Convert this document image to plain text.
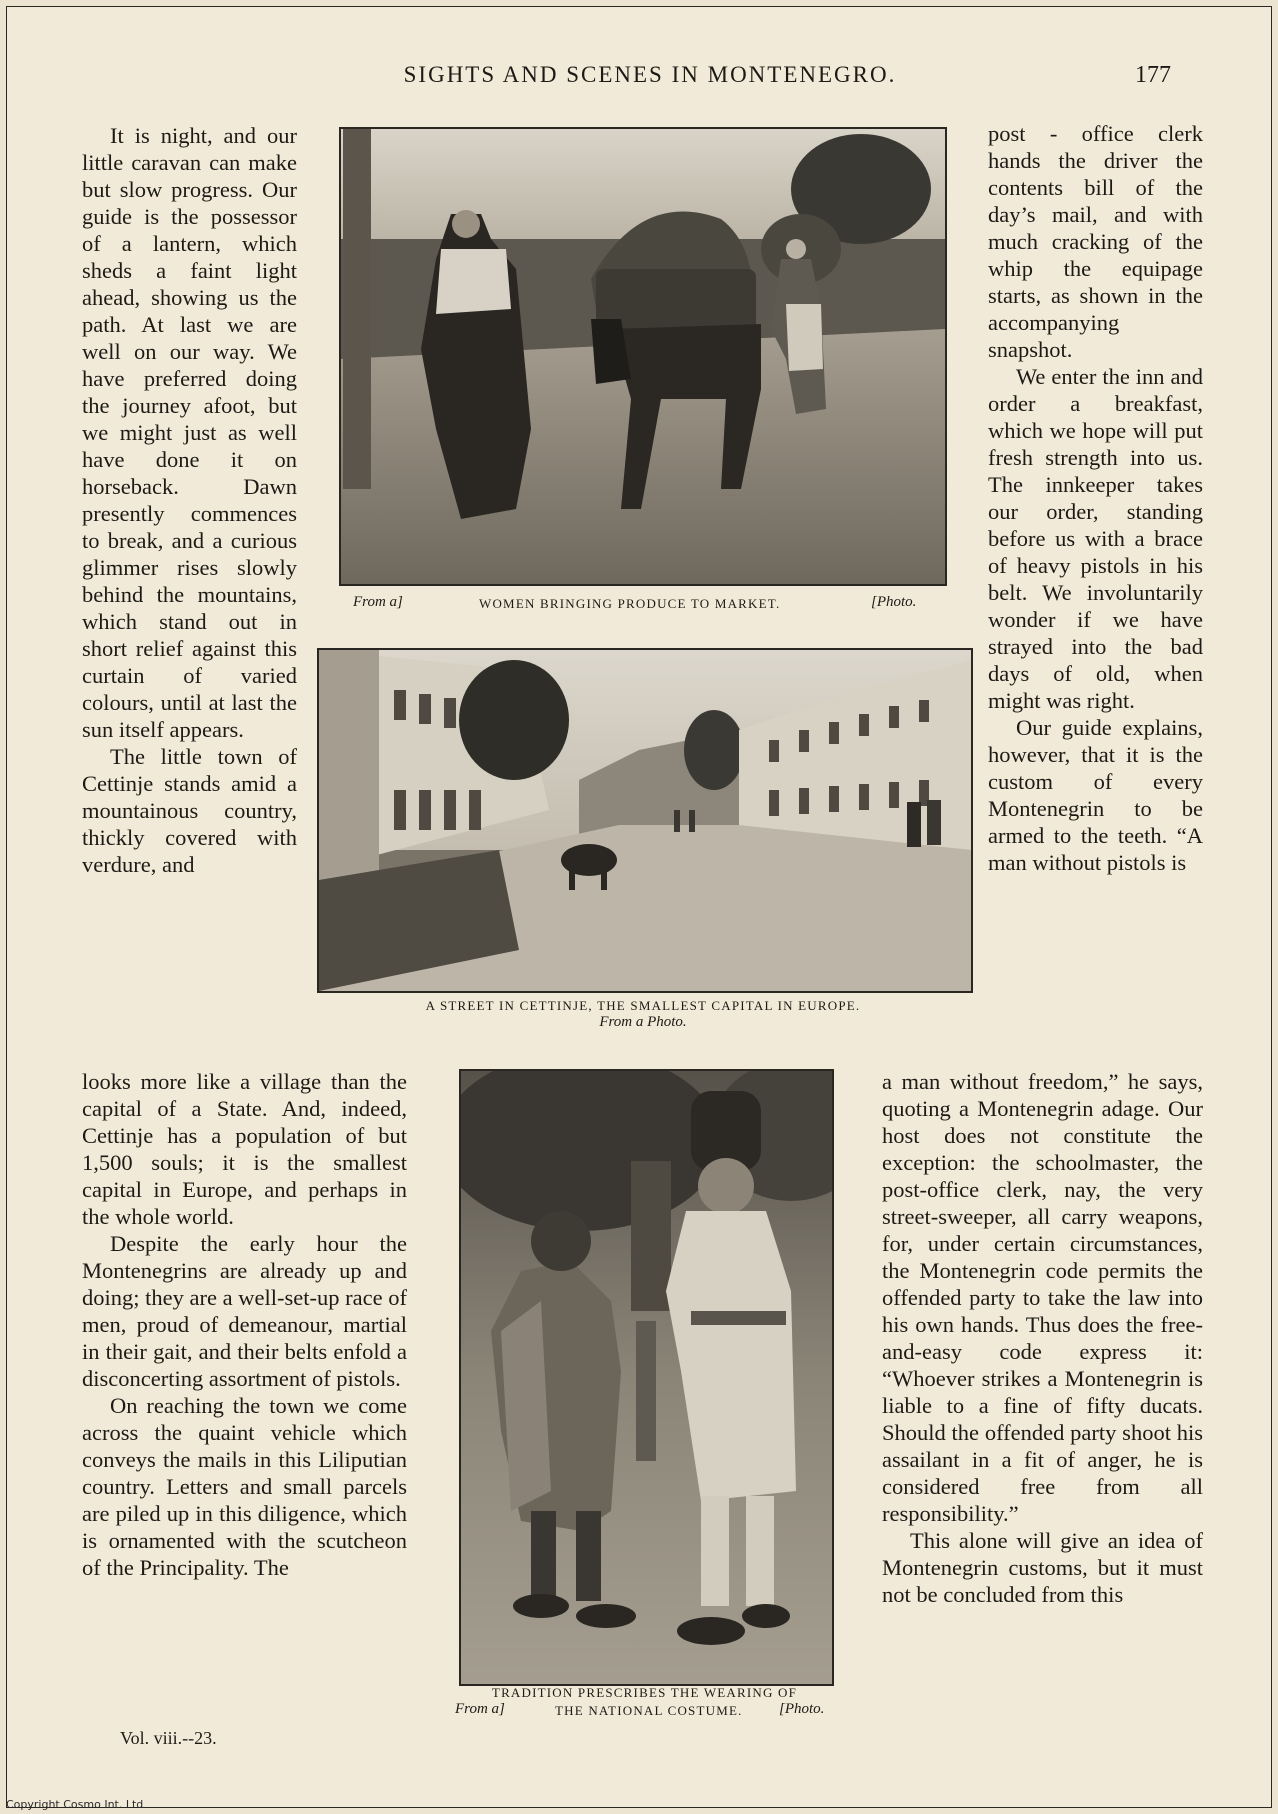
SIGHTS AND SCENES IN MONTENEGRO.	177

It is night, and our little caravan can make but slow progress. Our guide is the possessor of a lantern, which sheds a faint light ahead, showing us the path. At last we are well on our way. We have preferred doing the journey afoot, but we might just as well have done it on horseback. Dawn presently commences to break, and a curious glimmer rises slowly behind the mountains, which stand out in short relief against this curtain of varied colours, until at last the sun itself appears.

The little town of Cettinje stands amid a mountainous country, thickly covered with verdure, and

looks more like a village than the capital of a State. And, indeed, Cettinje has a population of but 1,500 souls; it is the smallest capital in Europe, and perhaps in the whole world.

Despite the early hour the Montenegrins are already up and doing; they are a well-set-up race of men, proud of demeanour, martial in their gait, and their belts enfold a disconcerting assortment of pistols.

On reaching the town we come across the quaint vehicle which conveys the mails in this Liliputian country. Letters and small parcels are piled up in this diligence, which is ornamented with the scutcheon of the Principality. The

post - office clerk hands the driver the contents bill of the day’s mail, and with much cracking of the whip the equipage starts, as shown in the accompanying snapshot.

We enter the inn and order a breakfast, which we hope will put fresh strength into us. The innkeeper takes our order, standing before us with a brace of heavy pistols in his belt. We involuntarily wonder if we have strayed into the bad days of old, when might was right.

Our guide explains, however, that it is the custom of every Montenegrin to be armed to the teeth. “A man without pistols is

a man without freedom,” he says, quoting a Montenegrin adage. Our host does not constitute the exception: the schoolmaster, the post-office clerk, nay, the very street-sweeper, all carry weapons, for, under certain circumstances, the Montenegrin code permits the offended party to take the law into his own hands. Thus does the free-and-easy code express it: “Whoever strikes a Montenegrin is liable to a fine of fifty ducats. Should the offended party shoot his assailant in a fit of anger, he is considered free from all responsibility.”

This alone will give an idea of Montenegrin customs, but it must not be concluded from this

From a]	WOMEN BRINGING PRODUCE TO MARKET.	[Photo.
A STREET IN CETTINJE, THE SMALLEST CAPITAL IN EUROPE.
From a Photo.
TRADITION PRESCRIBES THE WEARING OF
From a]	THE NATIONAL COSTUME. [Photo.
Vol. viii.--23.
Copyright Cosmo Int. Ltd
